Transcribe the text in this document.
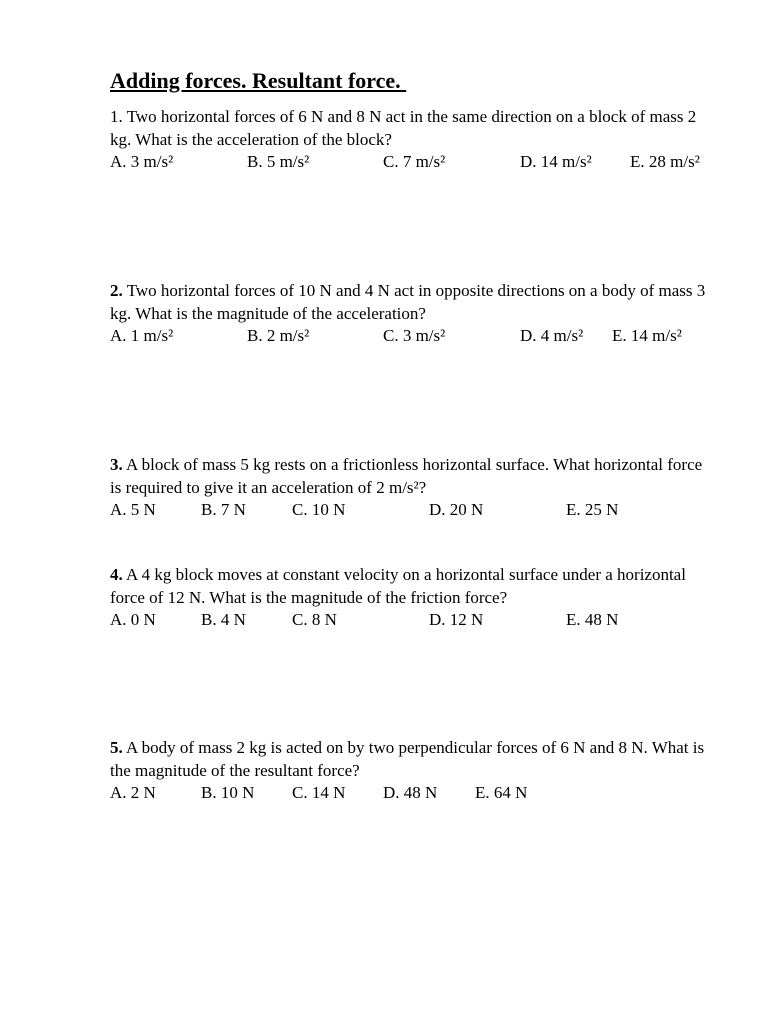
Adding forces. Resultant force.

1. Two horizontal forces of 6 N and 8 N act in the same direction on a block of mass 2 kg. What is the acceleration of the block?

A. 3 m/s²	B. 5 m/s²	C. 7 m/s²	D. 14 m/s² E. 28 m/s²

2. Two horizontal forces of 10 N and 4 N act in opposite directions on a body of mass 3 kg. What is the magnitude of the acceleration?

A. 1 m/s²	B. 2 m/s²	C. 3 m/s²	D. 4 m/s² E. 14 m/s²

3. A block of mass 5 kg rests on a frictionless horizontal surface. What horizontal force is required to give it an acceleration of 2 m/s²?

A. 5 N	B. 7 N	C. 10 N	D. 20 N	E. 25 N

4. A 4 kg block moves at constant velocity on a horizontal surface under a horizontal force of 12 N. What is the magnitude of the friction force?

A. 0 N	B. 4 N	C. 8 N	D. 12 N	E. 48 N

5. A body of mass 2 kg is acted on by two perpendicular forces of 6 N and 8 N. What is the magnitude of the resultant force?

A. 2 N	B. 10 N C. 14 N D. 48 N E. 64 N
